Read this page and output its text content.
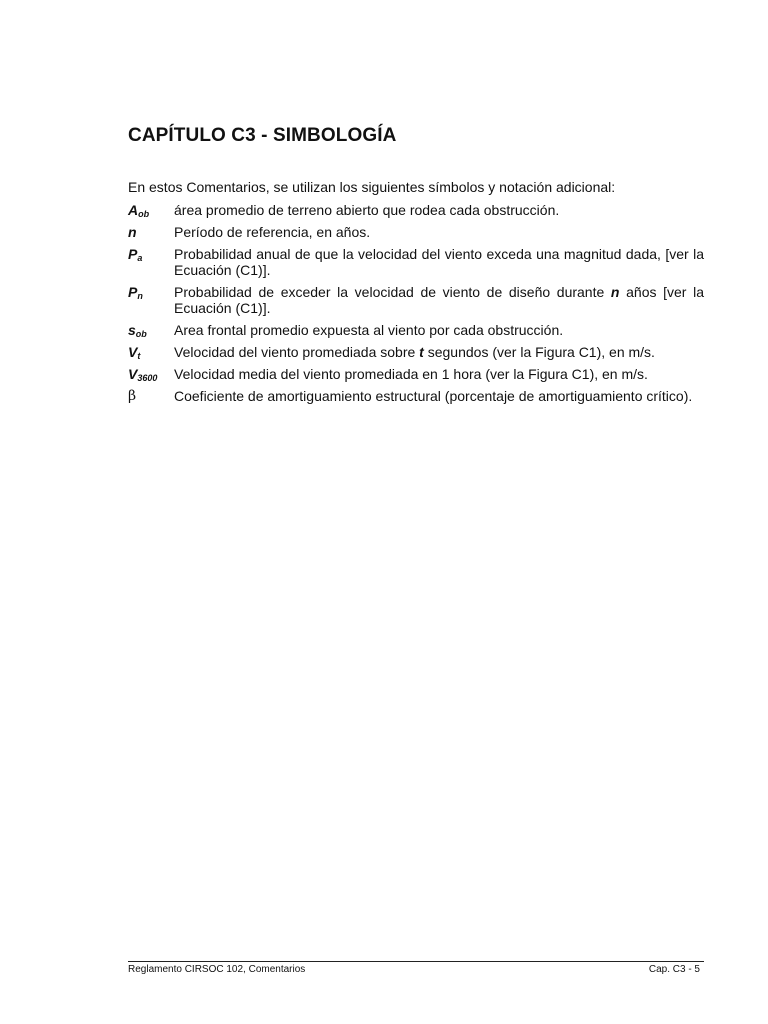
CAPÍTULO C3 - SIMBOLOGÍA

En estos Comentarios, se utilizan los siguientes símbolos y notación adicional:

$A_{ob}$	área promedio de terreno abierto que rodea cada obstrucción.
n	Período de referencia, en años.
$P_a$	Probabilidad anual de que la velocidad del viento exceda una magnitud dada, [ver la Ecuación (C1)].
$P_n$	Probabilidad de exceder la velocidad de viento de diseño durante n años [ver la Ecuación (C1)].
$s_{ob}$	Area frontal promedio expuesta al viento por cada obstrucción.
$V_t$	Velocidad del viento promediada sobre t segundos (ver la Figura C1), en m/s.
$V_{3600}$	Velocidad media del viento promediada en 1 hora (ver la Figura C1), en m/s.
β	Coeficiente de amortiguamiento estructural (porcentaje de amortiguamiento crítico).
Reglamento CIRSOC 102, Comentarios	Cap. C3 - 5
